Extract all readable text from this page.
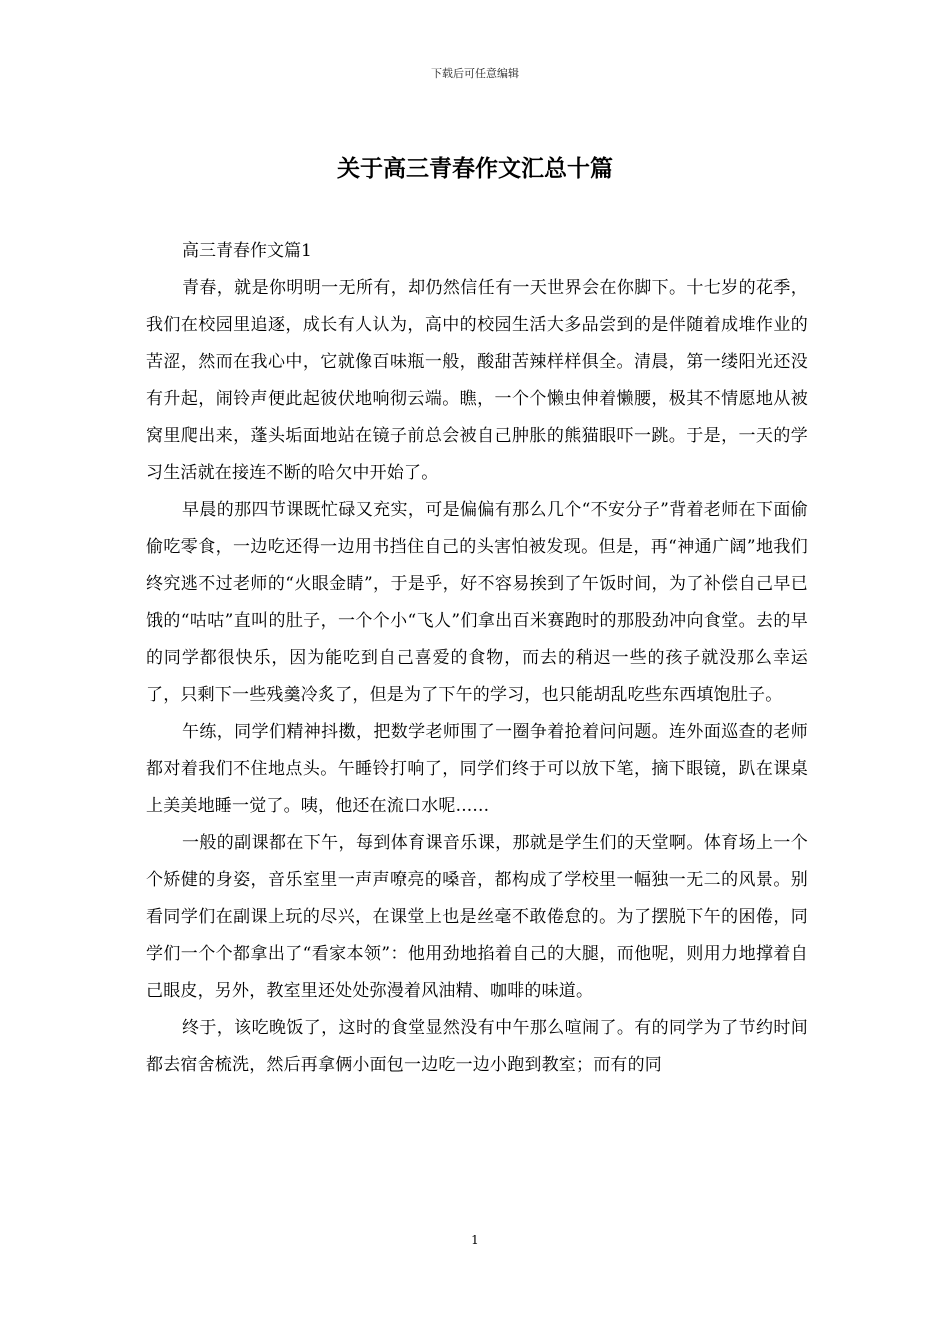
下载后可任意编辑
关于高三青春作文汇总十篇

高三青春作文篇1

青春，就是你明明一无所有，却仍然信任有一天世界会在你脚下。十七岁的花季，我们在校园里追逐，成长有人认为，高中的校园生活大多品尝到的是伴随着成堆作业的苦涩，然而在我心中，它就像百味瓶一般，酸甜苦辣样样俱全。清晨，第一缕阳光还没有升起，闹铃声便此起彼伏地响彻云端。瞧，一个个懒虫伸着懒腰，极其不情愿地从被窝里爬出来，蓬头垢面地站在镜子前总会被自己肿胀的熊猫眼吓一跳。于是，一天的学习生活就在接连不断的哈欠中开始了。

早晨的那四节课既忙碌又充实，可是偏偏有那么几个“不安分子”背着老师在下面偷偷吃零食，一边吃还得一边用书挡住自己的头害怕被发现。但是，再“神通广阔”地我们终究逃不过老师的“火眼金睛”，于是乎，好不容易挨到了午饭时间，为了补偿自己早已饿的“咕咕”直叫的肚子，一个个小“飞人”们拿出百米赛跑时的那股劲冲向食堂。去的早的同学都很快乐，因为能吃到自己喜爱的食物，而去的稍迟一些的孩子就没那么幸运了，只剩下一些残羹冷炙了，但是为了下午的学习，也只能胡乱吃些东西填饱肚子。

午练，同学们精神抖擞，把数学老师围了一圈争着抢着问问题。连外面巡查的老师都对着我们不住地点头。午睡铃打响了，同学们终于可以放下笔，摘下眼镜，趴在课桌上美美地睡一觉了。咦，他还在流口水呢......

一般的副课都在下午，每到体育课音乐课，那就是学生们的天堂啊。体育场上一个个矫健的身姿，音乐室里一声声嘹亮的嗓音，都构成了学校里一幅独一无二的风景。别看同学们在副课上玩的尽兴，在课堂上也是丝毫不敢倦怠的。为了摆脱下午的困倦，同学们一个个都拿出了“看家本领”：他用劲地掐着自己的大腿，而他呢，则用力地撑着自己眼皮，另外，教室里还处处弥漫着风油精、咖啡的味道。

终于，该吃晚饭了，这时的食堂显然没有中午那么喧闹了。有的同学为了节约时间都去宿舍梳洗，然后再拿俩小面包一边吃一边小跑到教室；而有的同

1
